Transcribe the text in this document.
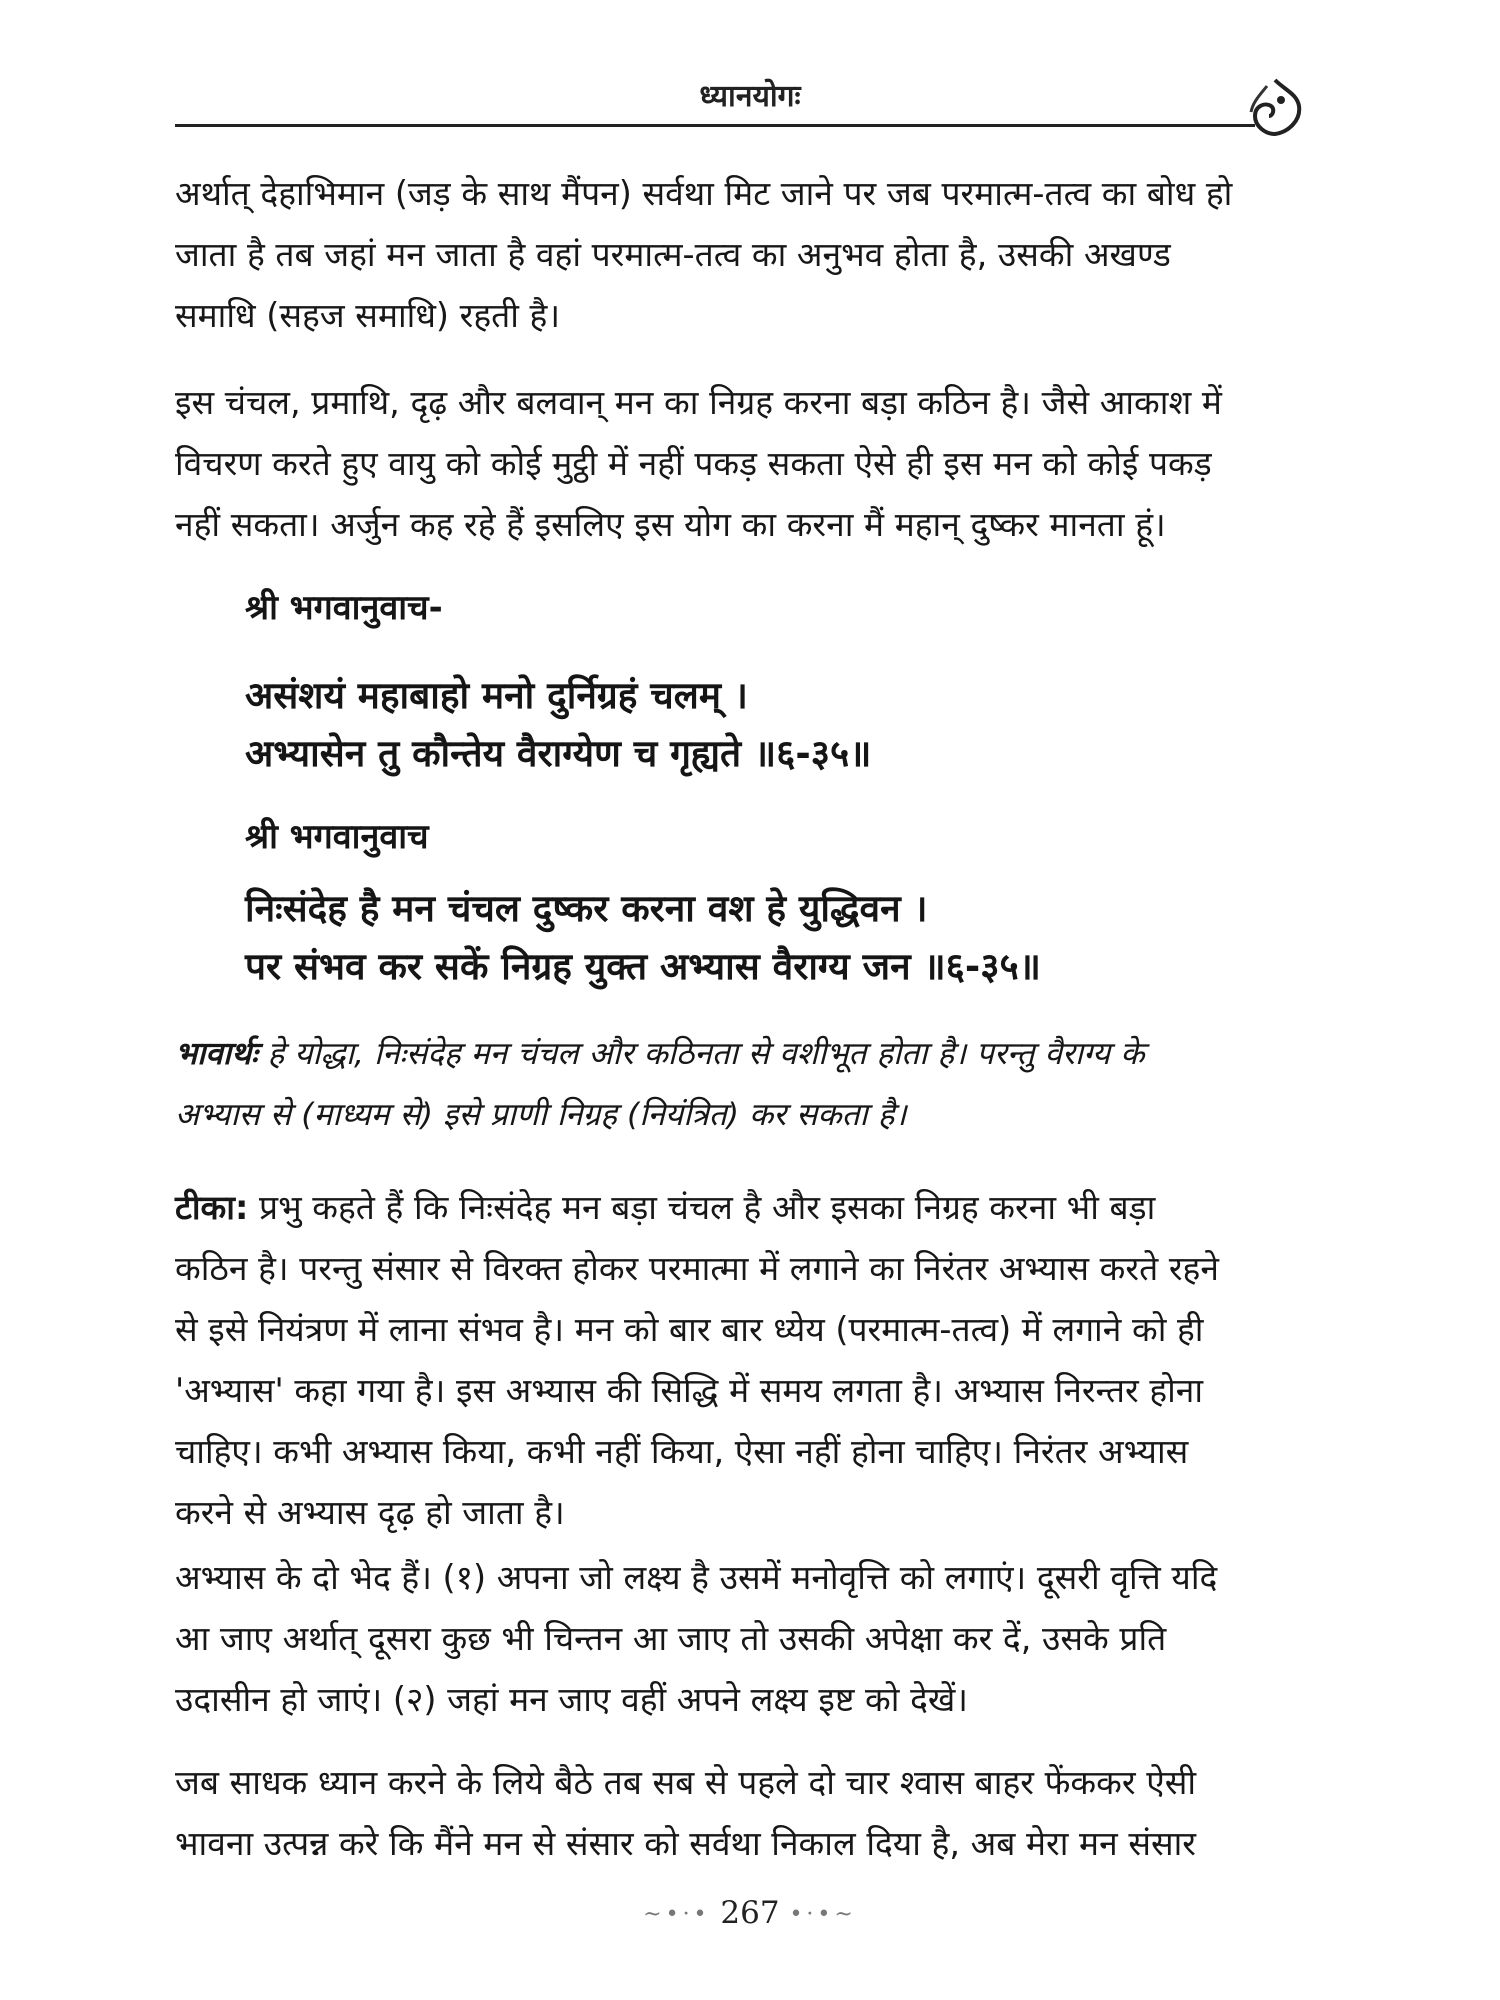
ध्यानयोगः

अर्थात् देहाभिमान (जड़ के साथ मैंपन) सर्वथा मिट जाने पर जब परमात्म-तत्व का बोध हो
जाता है तब जहां मन जाता है वहां परमात्म-तत्व का अनुभव होता है, उसकी अखण्ड
समाधि (सहज समाधि) रहती है।

इस चंचल, प्रमाथि, दृढ़ और बलवान् मन का निग्रह करना बड़ा कठिन है। जैसे आकाश में
विचरण करते हुए वायु को कोई मुट्ठी में नहीं पकड़ सकता ऐसे ही इस मन को कोई पकड़
नहीं सकता। अर्जुन कह रहे हैं इसलिए इस योग का करना मैं महान् दुष्कर मानता हूं।

श्री भगवानुवाच-

असंशयं महाबाहो मनो दुर्निग्रहं चलम् ।
अभ्यासेन तु कौन्तेय वैराग्येण च गृह्यते ॥६-३५॥

श्री भगवानुवाच

निःसंदेह है मन चंचल दुष्कर करना वश हे युद्धिवन ।
पर संभव कर सकें निग्रह युक्त अभ्यास वैराग्य जन ॥६-३५॥

भावार्थः हे योद्धा, निःसंदेह मन चंचल और कठिनता से वशीभूत होता है। परन्तु वैराग्य के
अभ्यास से (माध्यम से) इसे प्राणी निग्रह (नियंत्रित) कर सकता है।

टीका: प्रभु कहते हैं कि निःसंदेह मन बड़ा चंचल है और इसका निग्रह करना भी बड़ा
कठिन है। परन्तु संसार से विरक्त होकर परमात्मा में लगाने का निरंतर अभ्यास करते रहने
से इसे नियंत्रण में लाना संभव है। मन को बार बार ध्येय (परमात्म-तत्व) में लगाने को ही
'अभ्यास' कहा गया है। इस अभ्यास की सिद्धि में समय लगता है। अभ्यास निरन्तर होना
चाहिए। कभी अभ्यास किया, कभी नहीं किया, ऐसा नहीं होना चाहिए। निरंतर अभ्यास
करने से अभ्यास दृढ़ हो जाता है।

अभ्यास के दो भेद हैं। (१) अपना जो लक्ष्य है उसमें मनोवृत्ति को लगाएं। दूसरी वृत्ति यदि
आ जाए अर्थात् दूसरा कुछ भी चिन्तन आ जाए तो उसकी अपेक्षा कर दें, उसके प्रति
उदासीन हो जाएं। (२) जहां मन जाए वहीं अपने लक्ष्य इष्ट को देखें।

जब साधक ध्यान करने के लिये बैठे तब सब से पहले दो चार श्वास बाहर फेंककर ऐसी
भावना उत्पन्न करे कि मैंने मन से संसार को सर्वथा निकाल दिया है, अब मेरा मन संसार

~•·• 267 •·•~
